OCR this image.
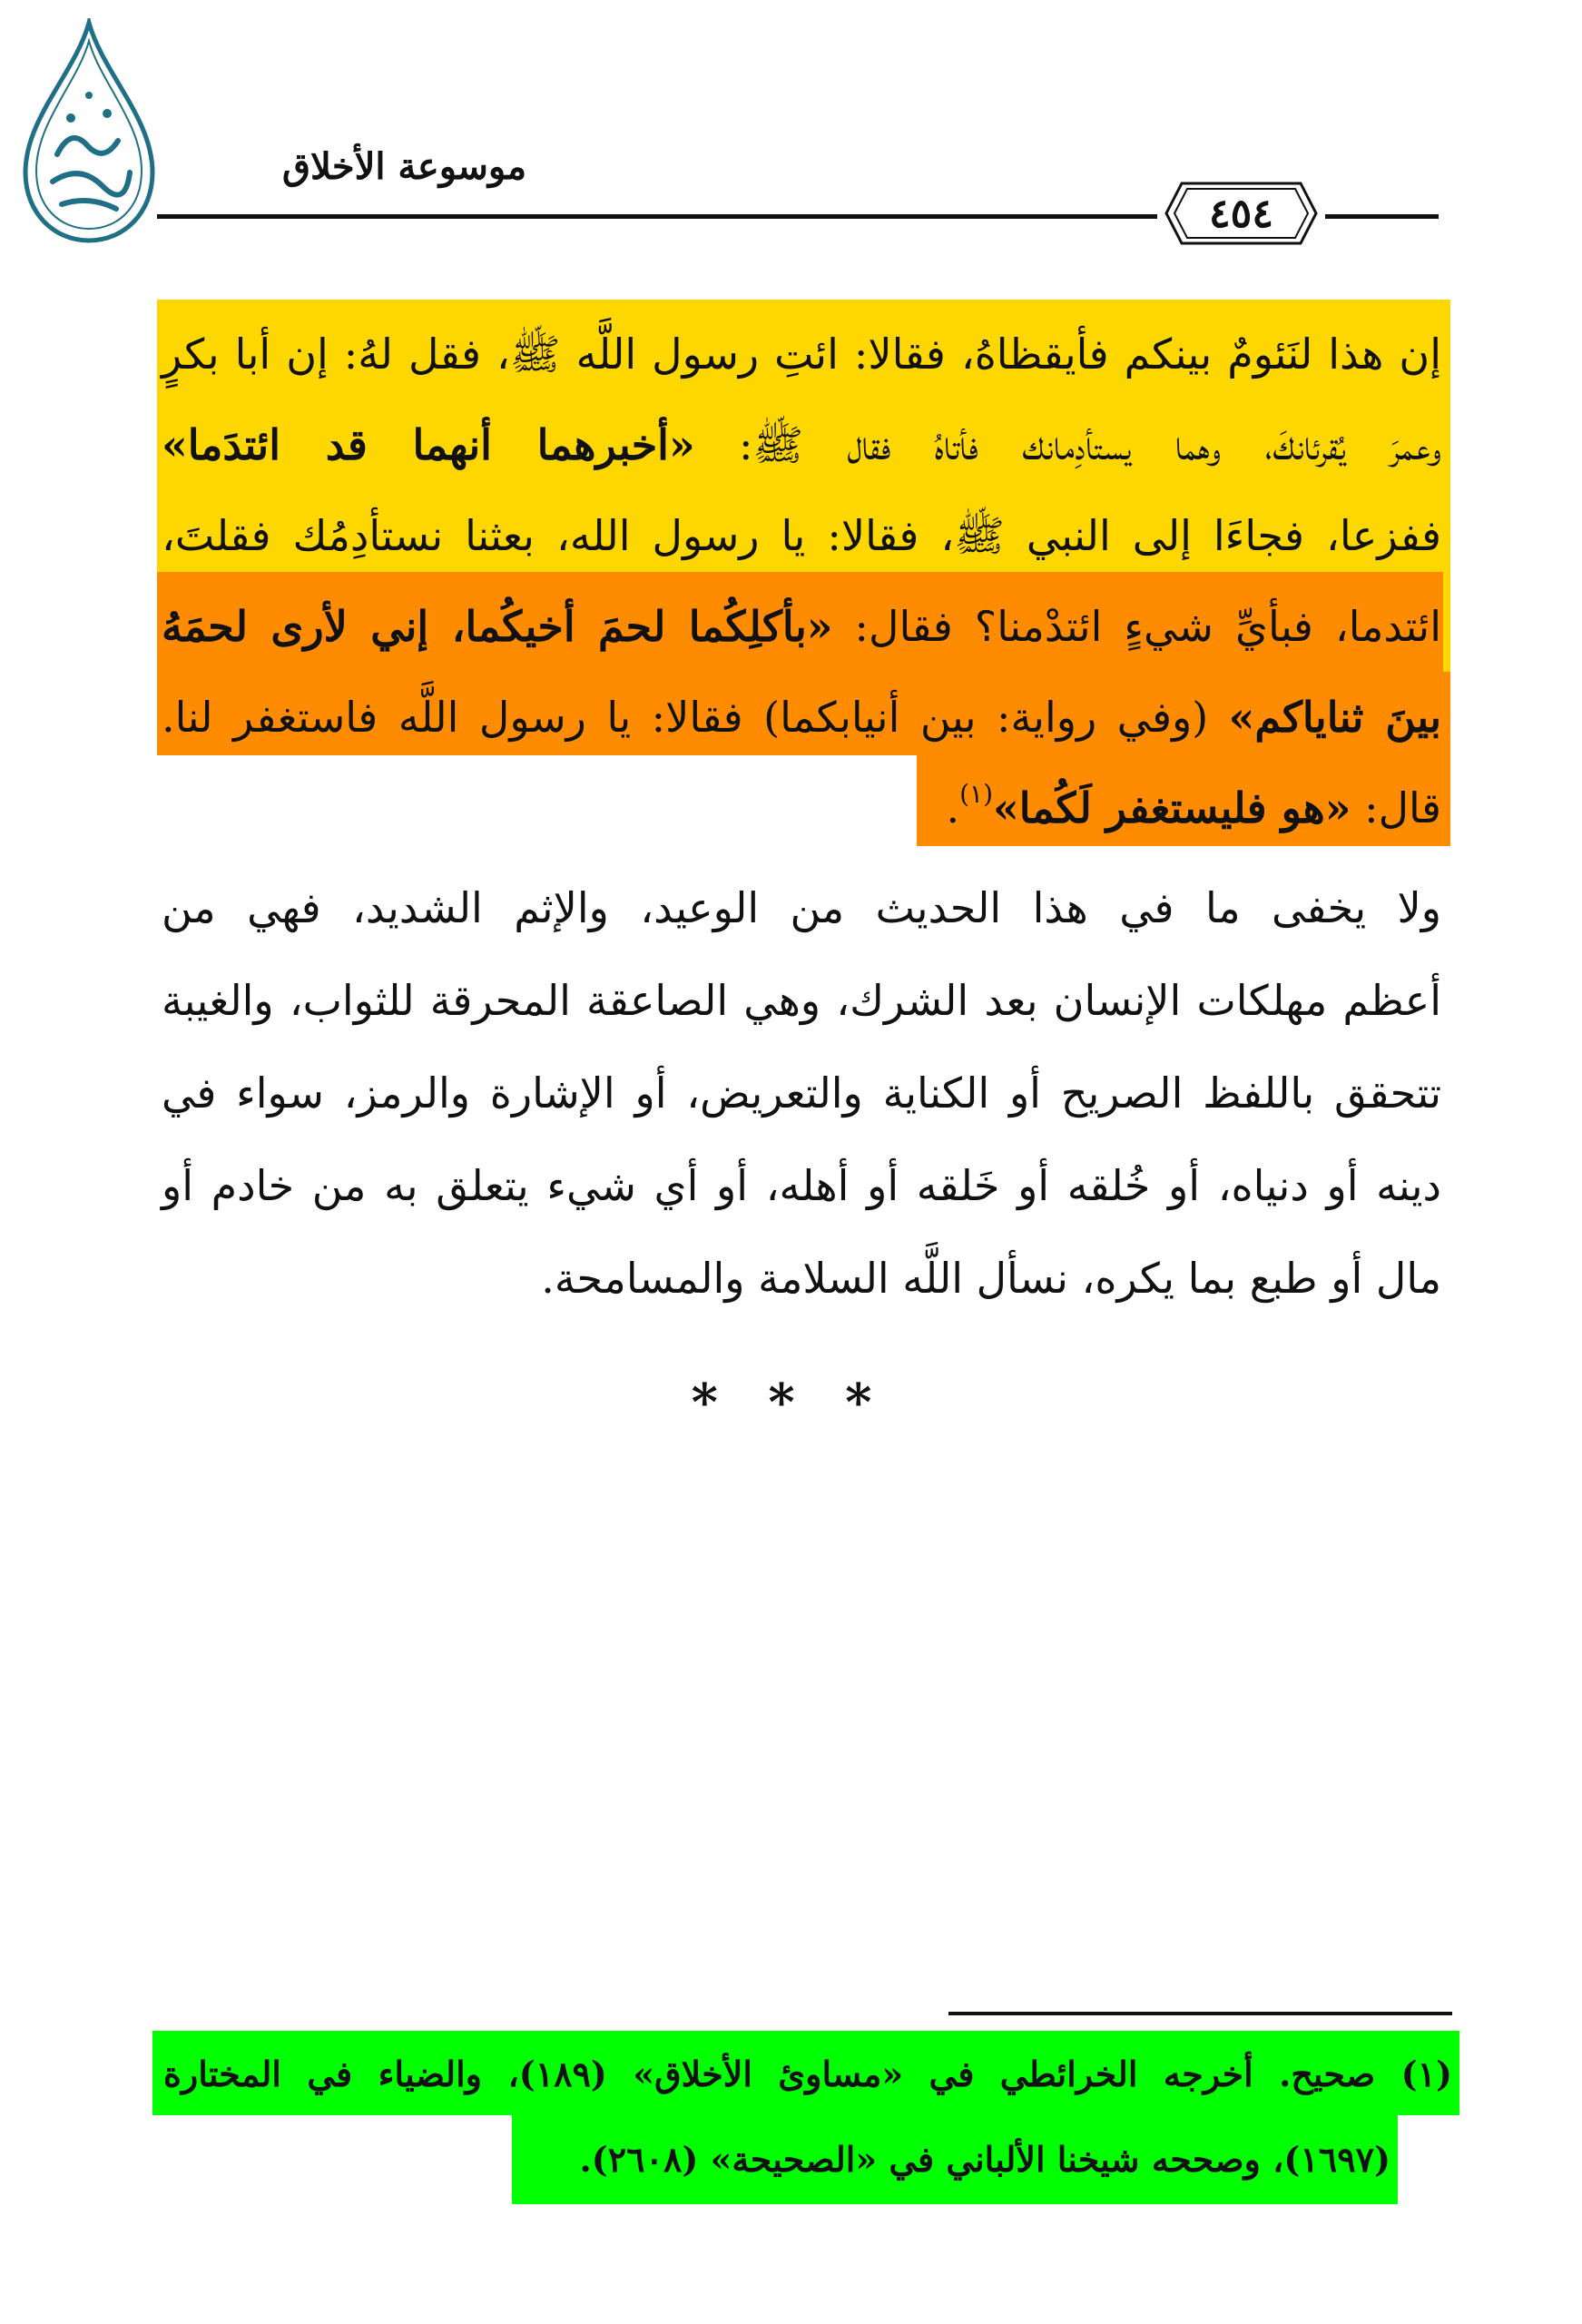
موسوعة الأخلاق
٤٥٤
إن هذا لنَئومٌ بينكم فأيقظاهُ، فقالا: ائتِ رسول اللَّه ﷺ، فقل لهُ: إن أبا بكرٍ
وعمرَ يُقرئانكَ، وهما يستأدِمانك فأتاهُ فقال ﷺ: «أخبرهما أنهما قد ائتدَما»
ففزعا، فجاءَا إلى النبي ﷺ، فقالا: يا رسول الله، بعثنا نستأدِمُك فقلتَ،
ائتدما، فبأيِّ شيءٍ ائتدْمنا؟ فقال: «بأكلِكُما لحمَ أخيكُما، إني لأرى لحمَهُ
بينَ ثناياكم» (وفي رواية: بين أنيابكما) فقالا: يا رسول اللَّه فاستغفر لنا.
قال: «هو فليستغفر لَكُما»$^{(١)}$.
ولا يخفى ما في هذا الحديث من الوعيد، والإثم الشديد، فهي من
أعظم مهلكات الإنسان بعد الشرك، وهي الصاعقة المحرقة للثواب، والغيبة
تتحقق باللفظ الصريح أو الكناية والتعريض، أو الإشارة والرمز، سواء في
دينه أو دنياه، أو خُلقه أو خَلقه أو أهله، أو أي شيء يتعلق به من خادم أو
مال أو طبع بما يكره، نسأل اللَّه السلامة والمسامحة.
* * *
(١) صحيح. أخرجه الخرائطي في «مساوئ الأخلاق» (١٨٩)، والضياء في المختارة
(١٦٩٧)، وصححه شيخنا الألباني في «الصحيحة» (٢٦٠٨).
